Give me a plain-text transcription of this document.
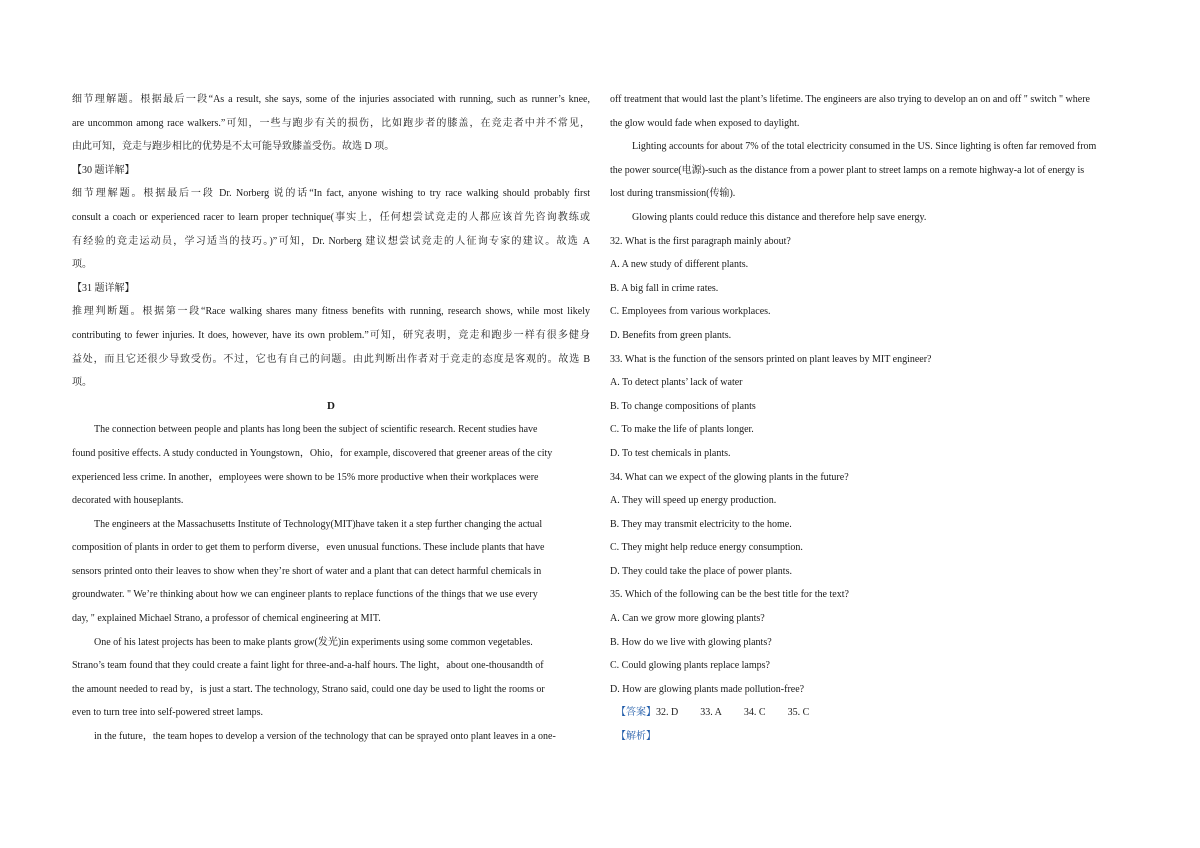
细节理解题。根据最后一段“As a result, she says, some of the injuries associated with running, such as runner’s knee,
are uncommon among race walkers.”可知，一些与跑步有关的损伤，比如跑步者的膝盖，在竞走者中并不常见，
由此可知，竞走与跑步相比的优势是不太可能导致膝盖受伤。故选 D 项。
【30 题详解】
细节理解题。根据最后一段 Dr. Norberg 说的话“In fact, anyone wishing to try race walking should probably first
consult a coach or experienced racer to learn proper technique(事实上，任何想尝试竞走的人都应该首先咨询教练或
有经验的竞走运动员，学习适当的技巧。)”可知，Dr. Norberg 建议想尝试竞走的人征询专家的建议。故选 A
项。
【31 题详解】
推理判断题。根据第一段“Race walking shares many fitness benefits with running, research shows, while most likely
contributing to fewer injuries. It does, however, have its own problem.”可知，研究表明，竞走和跑步一样有很多健身
益处，而且它还很少导致受伤。不过，它也有自己的问题。由此判断出作者对于竞走的态度是客观的。故选 B
项。
D
The connection between people and plants has long been the subject of scientific research. Recent studies have
found positive effects. A study conducted in Youngstown，Ohio，for example, discovered that greener areas of the city
experienced less crime. In another，employees were shown to be 15% more productive when their workplaces were
decorated with houseplants.
The engineers at the Massachusetts Institute of Technology(MIT)have taken it a step further changing the actual
composition of plants in order to get them to perform diverse，even unusual functions. These include plants that have
sensors printed onto their leaves to show when they’re short of water and a plant that can detect harmful chemicals in
groundwater. " We’re thinking about how we can engineer plants to replace functions of the things that we use every
day, " explained Michael Strano, a professor of chemical engineering at MIT.
One of his latest projects has been to make plants grow(发光)in experiments using some common vegetables.
Strano’s team found that they could create a faint light for three-and-a-half hours. The light，about one-thousandth of
the amount needed to read by，is just a start. The technology, Strano said, could one day be used to light the rooms or
even to turn tree into self-powered street lamps.
in the future，the team hopes to develop a version of the technology that can be sprayed onto plant leaves in a one-
off treatment that would last the plant’s lifetime. The engineers are also trying to develop an on and off " switch " where
the glow would fade when exposed to daylight.
Lighting accounts for about 7% of the total electricity consumed in the US. Since lighting is often far removed from
the power source(电源)-such as the distance from a power plant to street lamps on a remote highway-a lot of energy is
lost during transmission(传输).
Glowing plants could reduce this distance and therefore help save energy.
32. What is the first paragraph mainly about?
A. A new study of different plants.
B. A big fall in crime rates.
C. Employees from various workplaces.
D. Benefits from green plants.
33. What is the function of the sensors printed on plant leaves by MIT engineer?
A. To detect plants’ lack of water
B. To change compositions of plants
C. To make the life of plants longer.
D. To test chemicals in plants.
34. What can we expect of the glowing plants in the future?
A. They will speed up energy production.
B. They may transmit electricity to the home.
C. They might help reduce energy consumption.
D. They could take the place of power plants.
35. Which of the following can be the best title for the text?
A. Can we grow more glowing plants?
B. How do we live with glowing plants?
C. Could glowing plants replace lamps?
D. How are glowing plants made pollution-free?
【答案】32. D 33. A 34. C 35. C
【解析】
